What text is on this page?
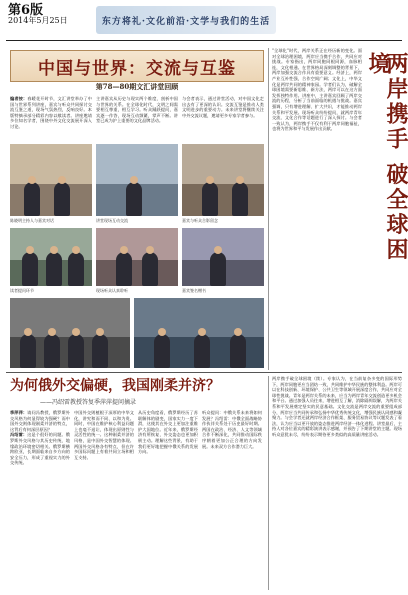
第6版
2014年5月25日	东方将礼·文化前沿·文学与我们的生活
中国与世界：交流与互鉴
第78—80期文汇讲堂回顾
编者按：春暖花开时节，文汇讲堂举办了中国与世界系列讲座，嘉宾与听众共同探讨交流互鉴之道，现场气氛热烈，反响良好。本版特摘录部分精彩内容以飨读者。讲座邀请多位知名学者，围绕中外文化交流展开深入讨论。
主讲嘉宾从历史与现实两个维度，剖析中国与世界的关系。在全球化时代，文明之间需要相互尊重，相互学习。听众踊跃提问，嘉宾逐一作答，现场互动频繁，掌声不断。讲堂已成为沪上重要的文化品牌活动。
与会者表示，通过讲堂活动，对中国文化走出去有了更深的认识。交流互鉴是推动人类文明进步的重要动力。未来讲堂将继续关注中外交流议题，邀请更多专家学者参与。
陈晓明主持人与嘉宾对话	讲堂现场互动交流	嘉宾与听众合影留念
读者提问环节	现场听众认真聆听	嘉宾签名赠书
"全球化"时代，两岸关系正在经历新的变化。面对全球治理困境，两岸应当携手合作，共同应对挑战。专家指出，两岸同胞同根同源，血脉相连，文化相通。在世界格局深刻调整的背景下，两岸加强交流合作具有重要意义。经济上，两岸产业互补性强，合作空间广阔；文化上，中华文化是两岸共同的精神家园。学者们认为，破解全球困境需要新思维、新方法，两岸可以在这方面发挥独特作用。讲座中，主讲嘉宾回顾了两岸交流的历程，分析了当前面临的机遇与挑战。嘉宾强调，只有增进理解、扩大共识，才能推动两岸关系和平发展。现场听众纷纷提问，就两岸青年交流、文化合作等话题进行了深入探讨。与会者一致认为，两岸携手不仅有利于两岸同胞福祉，也将为世界和平与发展作出贡献。	两岸携手 破全球困境
为何俄外交偏硬，我国刚柔并济？
——冯绍雷教授答复季萍萍提问摘录
季萍萍：请问冯教授，俄罗斯外交风格为何显得较为强硬？而中国外交则体现刚柔并济的特点，这背后有何深层原因？
冯绍雷：这是个很好的问题。俄罗斯外交风格与其历史传统、地缘政治环境密切相关。俄罗斯横跨欧亚，长期面临来自多方向的安全压力，形成了重视实力的外交传统。
中国外交则植根于深厚的中华文化，讲究和而不同、以和为贵。同时，中国在维护核心利益问题上也毫不退让，体现出原则性与灵活性的统一。这种刚柔并济的风格，是中国外交智慧的体现。两国外交风格各有特点，但在许多国际问题上有着共同立场和相互支持。
从历史角度看，俄罗斯经历了苏联解体的剧变，国家实力一度下滑，这使其在外交上更加注重维护大国地位。近年来，俄罗斯经济有所恢复，外交姿态也更加积极主动。理解这些背景，有助于我们更好地把握中俄关系的发展方向。
听众提问：中俄关系未来将如何发展？冯绍雷：中俄全面战略协作伙伴关系处于历史最好时期。两国在政治、经济、人文等领域合作不断深化，共同推动国际秩序朝着更加公正合理的方向发展。未来双方合作潜力巨大。
两岸携手破全球困境（续）。专家认为，在当前复杂多变的国际形势下，两岸同胞更应当团结一致，共同维护中华民族的整体利益。两岸可以在科技创新、环境保护、公共卫生等领域开展深度合作，共同应对全球性挑战。青年是两岸关系的未来，应当为两岸青年交流创造更多机会和平台。通过加强人员往来，增进相互了解，消除隔阂误解，为两岸关系和平发展奠定坚实的民意基础。文化交流是两岸交流的重要组成部分，两岸应当共同传承和弘扬中华优秀传统文化，增强民族认同感和凝聚力。与会学者还就两岸经济合作框架、服务贸易协议等议题发表了看法，认为应当以更开放的姿态推进两岸经济一体化进程。讲堂最后，主持人对各位嘉宾的精彩演讲表示感谢，并预告了下期讲堂的主题。现场听众意犹未尽，纷纷表示期待更多类似的高质量讲座活动。
